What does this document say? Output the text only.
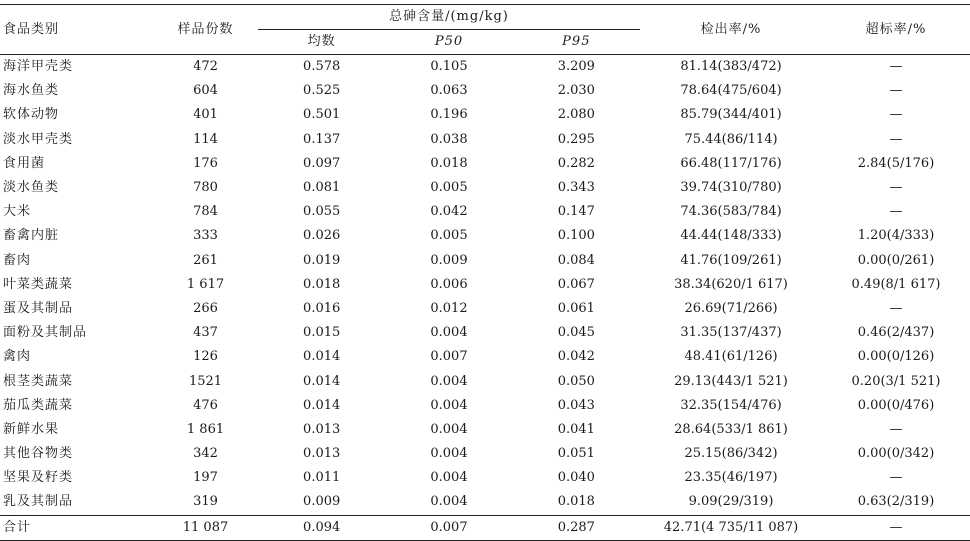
食品类别	样品份数	总砷含量/(mg/kg)			检出率/%	超标率/%
		均数	P50	P95		
海洋甲壳类	472	0.578	0.105	3.209	81.14(383/472)	—
海水鱼类	604	0.525	0.063	2.030	78.64(475/604)	—
软体动物	401	0.501	0.196	2.080	85.79(344/401)	—
淡水甲壳类	114	0.137	0.038	0.295	75.44(86/114)	—
食用菌	176	0.097	0.018	0.282	66.48(117/176)	2.84(5/176)
淡水鱼类	780	0.081	0.005	0.343	39.74(310/780)	—
大米	784	0.055	0.042	0.147	74.36(583/784)	—
畜禽内脏	333	0.026	0.005	0.100	44.44(148/333)	1.20(4/333)
畜肉	261	0.019	0.009	0.084	41.76(109/261)	0.00(0/261)
叶菜类蔬菜	1 617	0.018	0.006	0.067	38.34(620/1 617)	0.49(8/1 617)
蛋及其制品	266	0.016	0.012	0.061	26.69(71/266)	—
面粉及其制品	437	0.015	0.004	0.045	31.35(137/437)	0.46(2/437)
禽肉	126	0.014	0.007	0.042	48.41(61/126)	0.00(0/126)
根茎类蔬菜	1521	0.014	0.004	0.050	29.13(443/1 521)	0.20(3/1 521)
茄瓜类蔬菜	476	0.014	0.004	0.043	32.35(154/476)	0.00(0/476)
新鲜水果	1 861	0.013	0.004	0.041	28.64(533/1 861)	—
其他谷物类	342	0.013	0.004	0.051	25.15(86/342)	0.00(0/342)
坚果及籽类	197	0.011	0.004	0.040	23.35(46/197)	—
乳及其制品	319	0.009	0.004	0.018	9.09(29/319)	0.63(2/319)
合计	11 087	0.094	0.007	0.287	42.71(4 735/11 087)	—
